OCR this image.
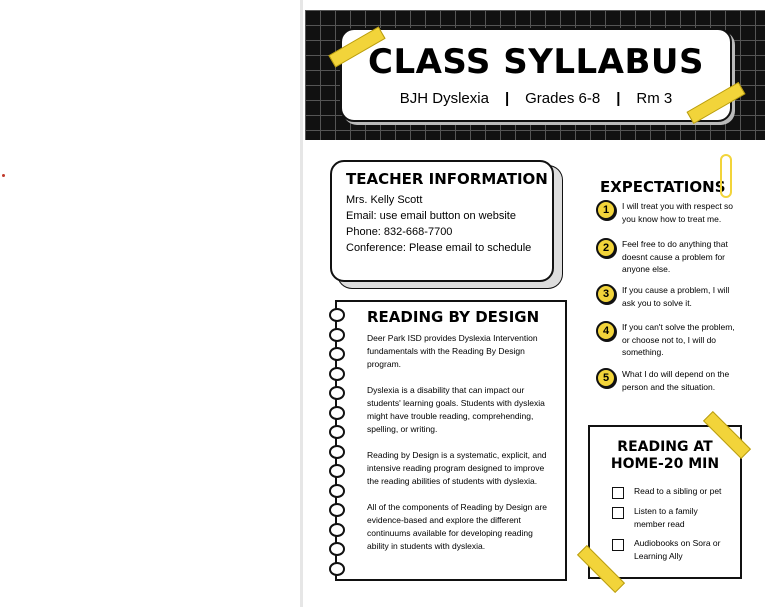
CLASS SYLLABUS
BJH Dyslexia	|	Grades 6-8	|	Rm 3
TEACHER INFORMATION

Mrs. Kelly Scott

Email: use email button on website

Phone: 832-668-7700

Conference: Please email to schedule

READING BY DESIGN

Deer Park ISD provides Dyslexia Intervention fundamentals with the Reading By Design program.

Dyslexia is a disability that can impact our students' learning goals. Students with dyslexia might have trouble reading, comprehending, spelling, or writing.

Reading by Design is a systematic, explicit, and intensive reading program designed to improve the reading abilities of students with dyslexia.

All of the components of Reading by Design are evidence-based and explore the different continuums available for developing reading ability in students with dyslexia.

EXPECTATIONS
1	I will treat you with respect so you know how to treat me.
2	Feel free to do anything that doesnt cause a problem for anyone else.
3	If you cause a problem, I will ask you to solve it.
4	If you can't solve the problem, or choose not to, I will do something.
5	What I do will depend on the person and the situation.
READING AT HOME-20 MIN
Read to a sibling or pet
Listen to a family member read
Audiobooks on Sora or Learning Ally
